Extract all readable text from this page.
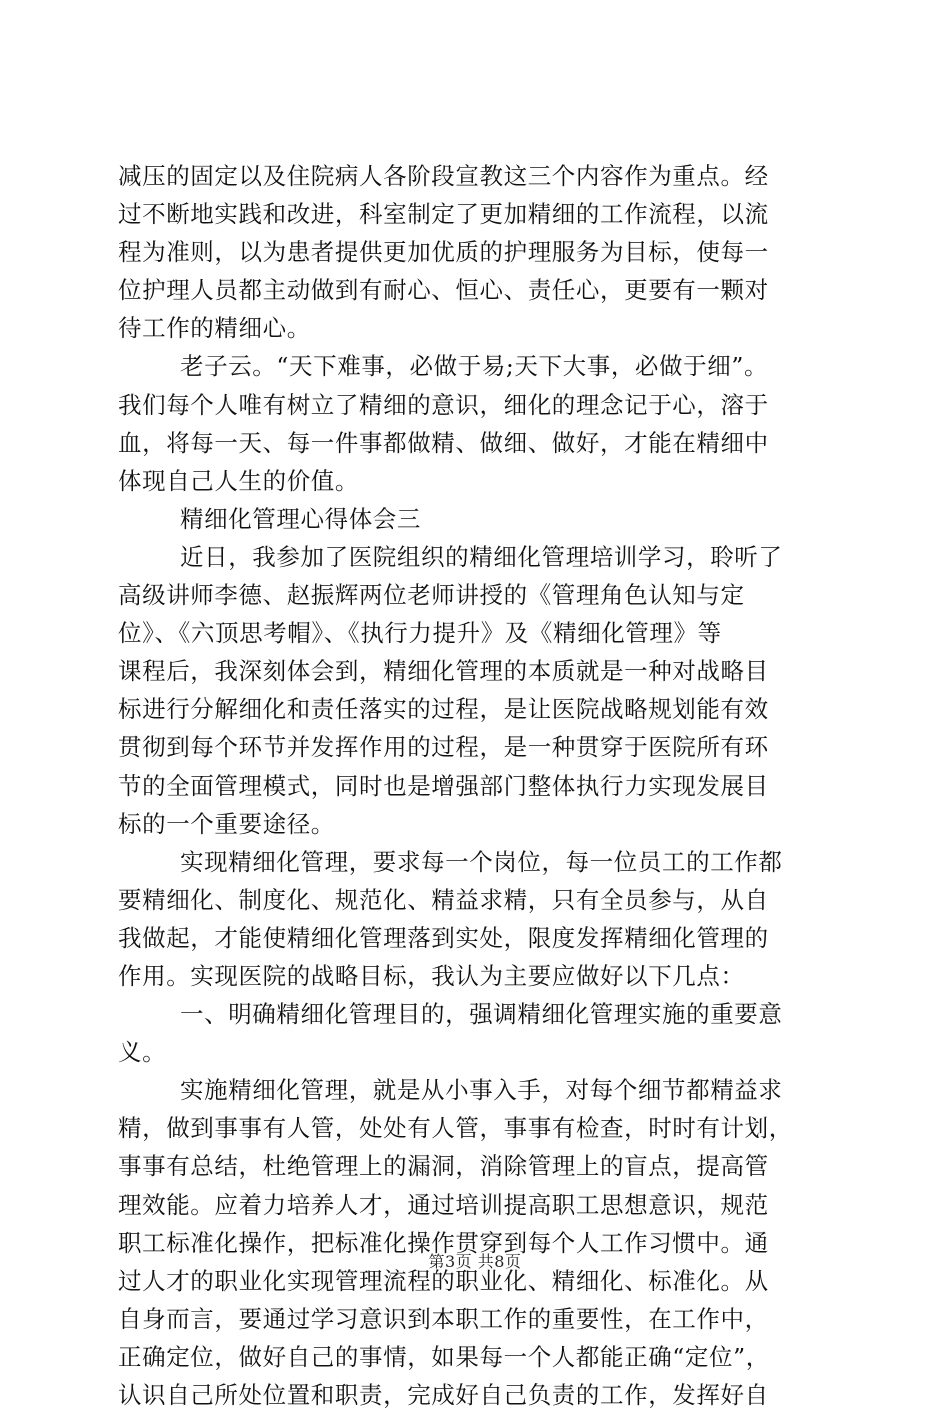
减压的固定以及住院病人各阶段宣教这三个内容作为重点。经
过不断地实践和改进，科室制定了更加精细的工作流程，以流
程为准则，以为患者提供更加优质的护理服务为目标，使每一
位护理人员都主动做到有耐心、恒心、责任心，更要有一颗对
待工作的精细心。
老子云。“天下难事，必做于易;天下大事，必做于细”。
我们每个人唯有树立了精细的意识，细化的理念记于心，溶于
血，将每一天、每一件事都做精、做细、做好，才能在精细中
体现自己人生的价值。
精细化管理心得体会三
近日，我参加了医院组织的精细化管理培训学习，聆听了
高级讲师李德、赵振辉两位老师讲授的《管理角色认知与定
位》、《六顶思考帽》、《执行力提升》及《精细化管理》等
课程后，我深刻体会到，精细化管理的本质就是一种对战略目
标进行分解细化和责任落实的过程，是让医院战略规划能有效
贯彻到每个环节并发挥作用的过程，是一种贯穿于医院所有环
节的全面管理模式，同时也是增强部门整体执行力实现发展目
标的一个重要途径。
实现精细化管理，要求每一个岗位，每一位员工的工作都
要精细化、制度化、规范化、精益求精，只有全员参与，从自
我做起，才能使精细化管理落到实处，限度发挥精细化管理的
作用。实现医院的战略目标，我认为主要应做好以下几点：
一、明确精细化管理目的，强调精细化管理实施的重要意
义。
实施精细化管理，就是从小事入手，对每个细节都精益求
精，做到事事有人管，处处有人管，事事有检查，时时有计划，
事事有总结，杜绝管理上的漏洞，消除管理上的盲点，提高管
理效能。应着力培养人才，通过培训提高职工思想意识，规范
职工标准化操作，把标准化操作贯穿到每个人工作习惯中。通
过人才的职业化实现管理流程的职业化、精细化、标准化。从
自身而言，要通过学习意识到本职工作的重要性，在工作中，
正确定位，做好自己的事情，如果每一个人都能正确“定位”，
认识自己所处位置和职责，完成好自己负责的工作，发挥好自
第3页 共8页
